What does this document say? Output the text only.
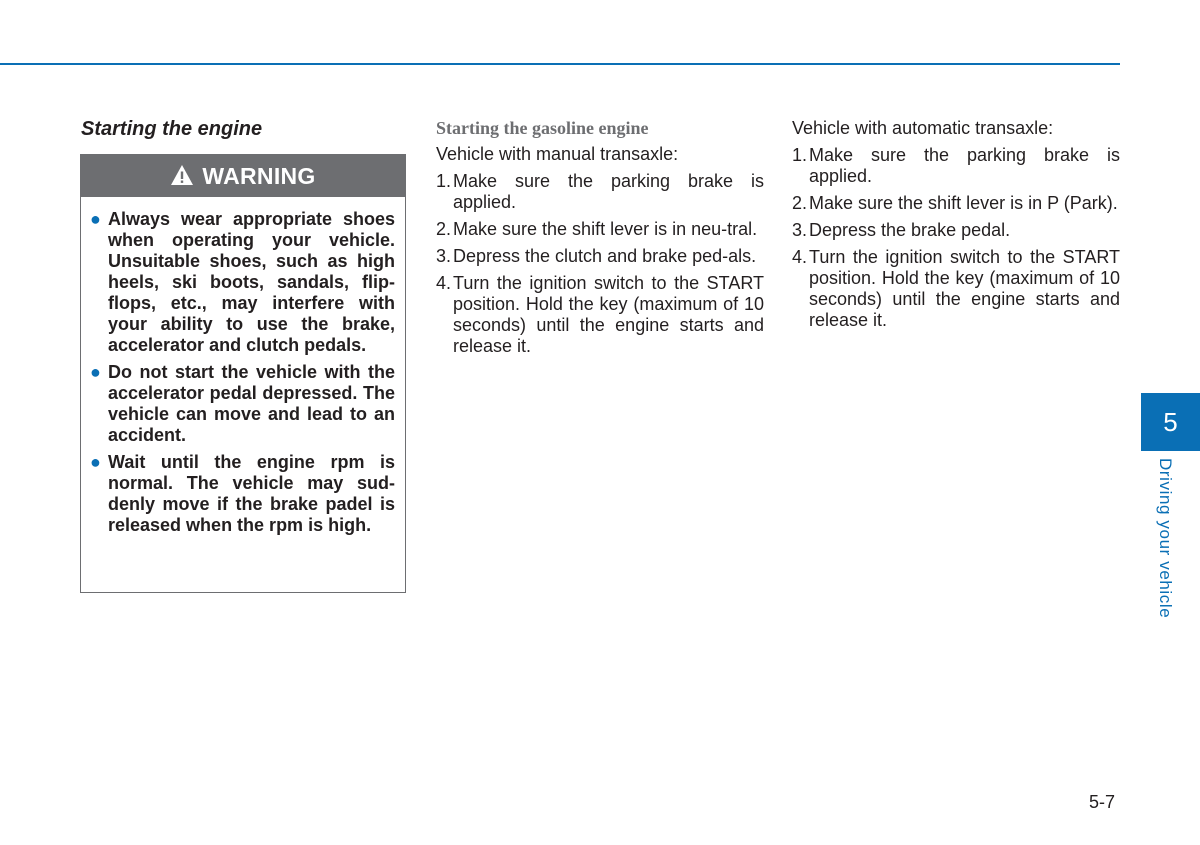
Starting the engine
WARNING
● Always wear appropriate shoes when operating your vehicle. Unsuitable shoes, such as high heels, ski boots, sandals, flip-flops, etc., may interfere with your ability to use the brake, accelerator and clutch pedals.
● Do not start the vehicle with the accelerator pedal depressed. The vehicle can move and lead to an accident.
● Wait until the engine rpm is normal. The vehicle may sud-denly move if the brake padel is released when the rpm is high.
Starting the gasoline engine

Vehicle with manual transaxle:

1. Make sure the parking brake is applied.
2. Make sure the shift lever is in neu-tral.
3. Depress the clutch and brake ped-als.
4. Turn the ignition switch to the START position. Hold the key (maximum of 10 seconds) until the engine starts and release it.

Vehicle with automatic transaxle:

1. Make sure the parking brake is applied.
2. Make sure the shift lever is in P (Park).
3. Depress the brake pedal.
4. Turn the ignition switch to the START position. Hold the key (maximum of 10 seconds) until the engine starts and release it.
5
Driving your vehicle
5-7
